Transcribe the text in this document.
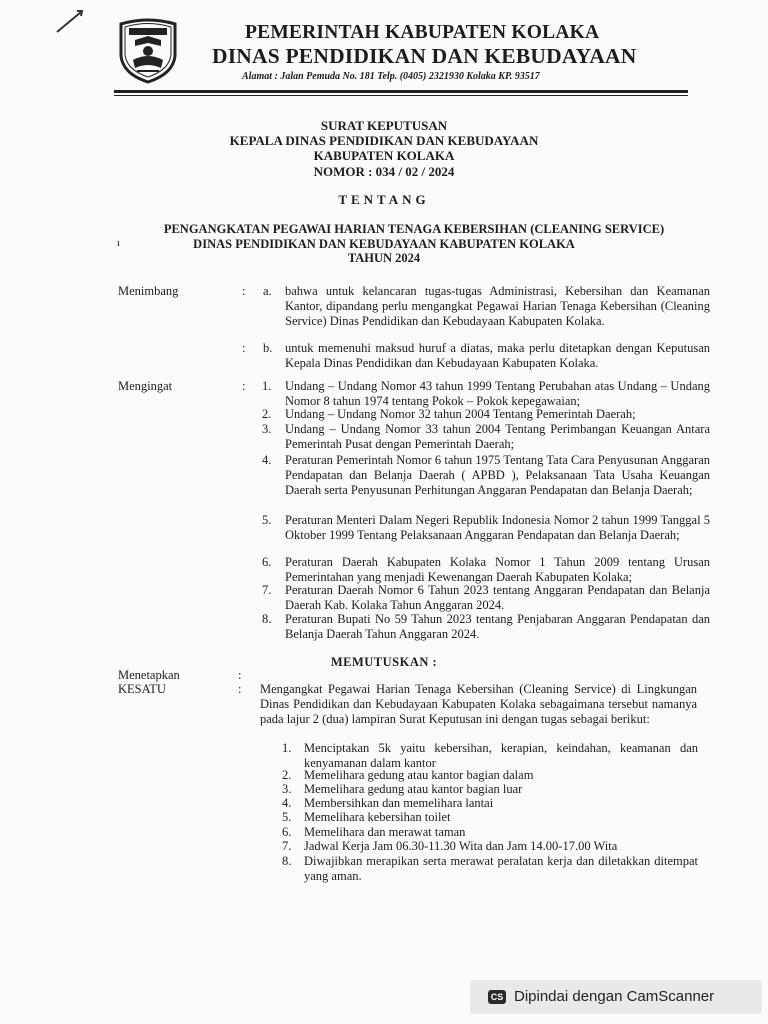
PEMERINTAH KABUPATEN KOLAKA
DINAS PENDIDIKAN DAN KEBUDAYAAN
Alamat : Jalan Pemuda No. 181 Telp. (0405) 2321930 Kolaka KP. 93517
SURAT KEPUTUSAN
KEPALA DINAS PENDIDIKAN DAN KEBUDAYAAN
KABUPATEN KOLAKA
NOMOR : 034 / 02 / 2024
TENTANG
PENGANGKATAN PEGAWAI HARIAN TENAGA KEBERSIHAN (CLEANING SERVICE)
ı	DINAS PENDIDIKAN DAN KEBUDAYAAN KABUPATEN KOLAKA
TAHUN 2024
Menimbang	: a. bahwa untuk kelancaran tugas-tugas Administrasi, Kebersihan dan Keamanan Kantor, dipandang perlu mengangkat Pegawai Harian Tenaga Kebersihan (Cleaning Service) Dinas Pendidikan dan Kebudayaan Kabupaten Kolaka.
: b. untuk memenuhi maksud huruf a diatas, maka perlu ditetapkan dengan Keputusan Kepala Dinas Pendidikan dan Kebudayaan Kabupaten Kolaka.
Mengingat	: 1. Undang – Undang Nomor 43 tahun 1999 Tentang Perubahan atas Undang – Undang Nomor 8 tahun 1974 tentang Pokok – Pokok kepegawaian;
2. Undang – Undang Nomor 32 tahun 2004 Tentang Pemerintah Daerah;
3. Undang – Undang Nomor 33 tahun 2004 Tentang Perimbangan Keuangan Antara Pemerintah Pusat dengan Pemerintah Daerah;
4. Peraturan Pemerintah Nomor 6 tahun 1975 Tentang Tata Cara Penyusunan Anggaran Pendapatan dan Belanja Daerah ( APBD ), Pelaksanaan Tata Usaha Keuangan Daerah serta Penyusunan Perhitungan Anggaran Pendapatan dan Belanja Daerah;
5. Peraturan Menteri Dalam Negeri Republik Indonesia Nomor 2 tahun 1999 Tanggal 5 Oktober 1999 Tentang Pelaksanaan Anggaran Pendapatan dan Belanja Daerah;
6. Peraturan Daerah Kabupaten Kolaka Nomor 1 Tahun 2009 tentang Urusan Pemerintahan yang menjadi Kewenangan Daerah Kabupaten Kolaka;
7. Peraturan Daerah Nomor 6 Tahun 2023 tentang Anggaran Pendapatan dan Belanja Daerah Kab. Kolaka Tahun Anggaran 2024.
8. Peraturan Bupati No 59 Tahun 2023 tentang Penjabaran Anggaran Pendapatan dan Belanja Daerah Tahun Anggaran 2024.
MEMUTUSKAN :
Menetapkan	:
KESATU	: Mengangkat Pegawai Harian Tenaga Kebersihan (Cleaning Service) di Lingkungan Dinas Pendidikan dan Kebudayaan Kabupaten Kolaka sebagaimana tersebut namanya pada lajur 2 (dua) lampiran Surat Keputusan ini dengan tugas sebagai berikut:
1. Menciptakan 5k yaitu kebersihan, kerapian, keindahan, keamanan dan kenyamanan dalam kantor
2. Memelihara gedung atau kantor bagian dalam
3. Memelihara gedung atau kantor bagian luar
4. Membersihkan dan memelihara lantai
5. Memelihara kebersihan toilet
6. Memelihara dan merawat taman
7. Jadwal Kerja Jam 06.30-11.30 Wita dan Jam 14.00-17.00 Wita
8. Diwajibkan merapikan serta merawat peralatan kerja dan diletakkan ditempat yang aman.
CS Dipindai dengan CamScanner
